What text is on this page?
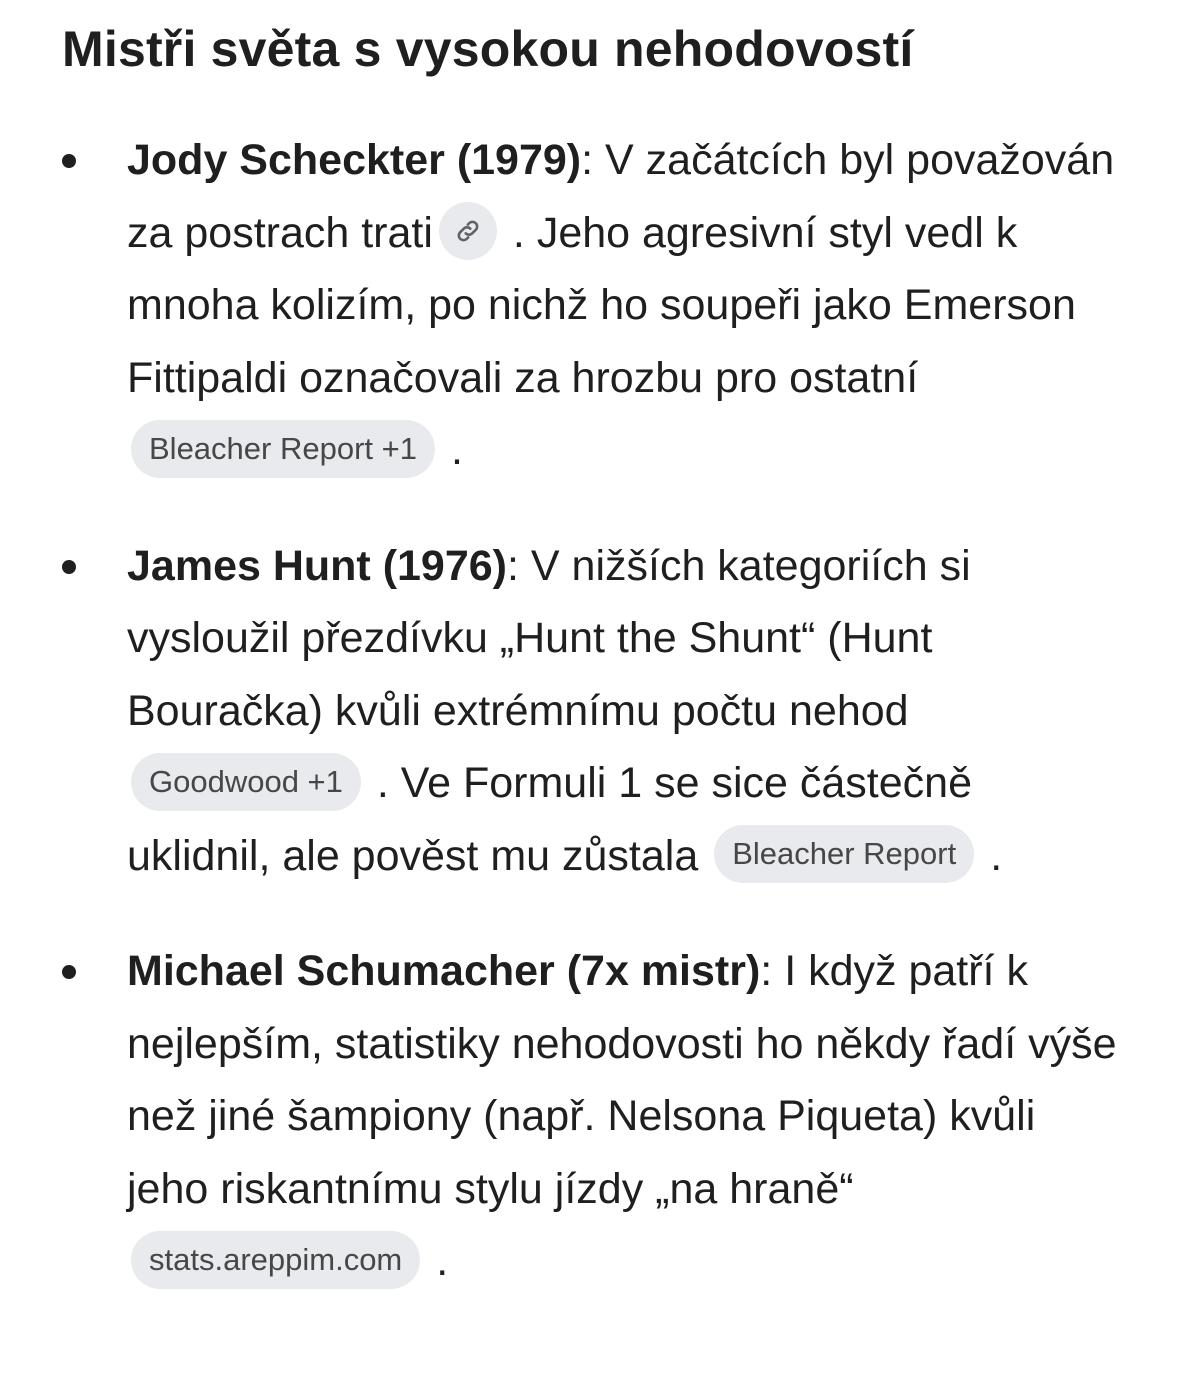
Mistři světa s vysokou nehodovostí
Jody Scheckter (1979): V začátcích byl považován za postrach trati . Jeho agresivní styl vedl k mnoha kolizím, po nichž ho soupeři jako Emerson Fittipaldi označovali za hrozbu pro ostatní Bleacher Report +1 .
James Hunt (1976): V nižších kategoriích si vysloužil přezdívku „Hunt the Shunt“ (Hunt Bouračka) kvůli extrémnímu počtu nehod Goodwood +1 . Ve Formuli 1 se sice částečně uklidnil, ale pověst mu zůstala Bleacher Report .
Michael Schumacher (7x mistr): I když patří k nejlepším, statistiky nehodovosti ho někdy řadí výše než jiné šampiony (např. Nelsona Piqueta) kvůli jeho riskantnímu stylu jízdy „na hraně“ stats.areppim.com .
